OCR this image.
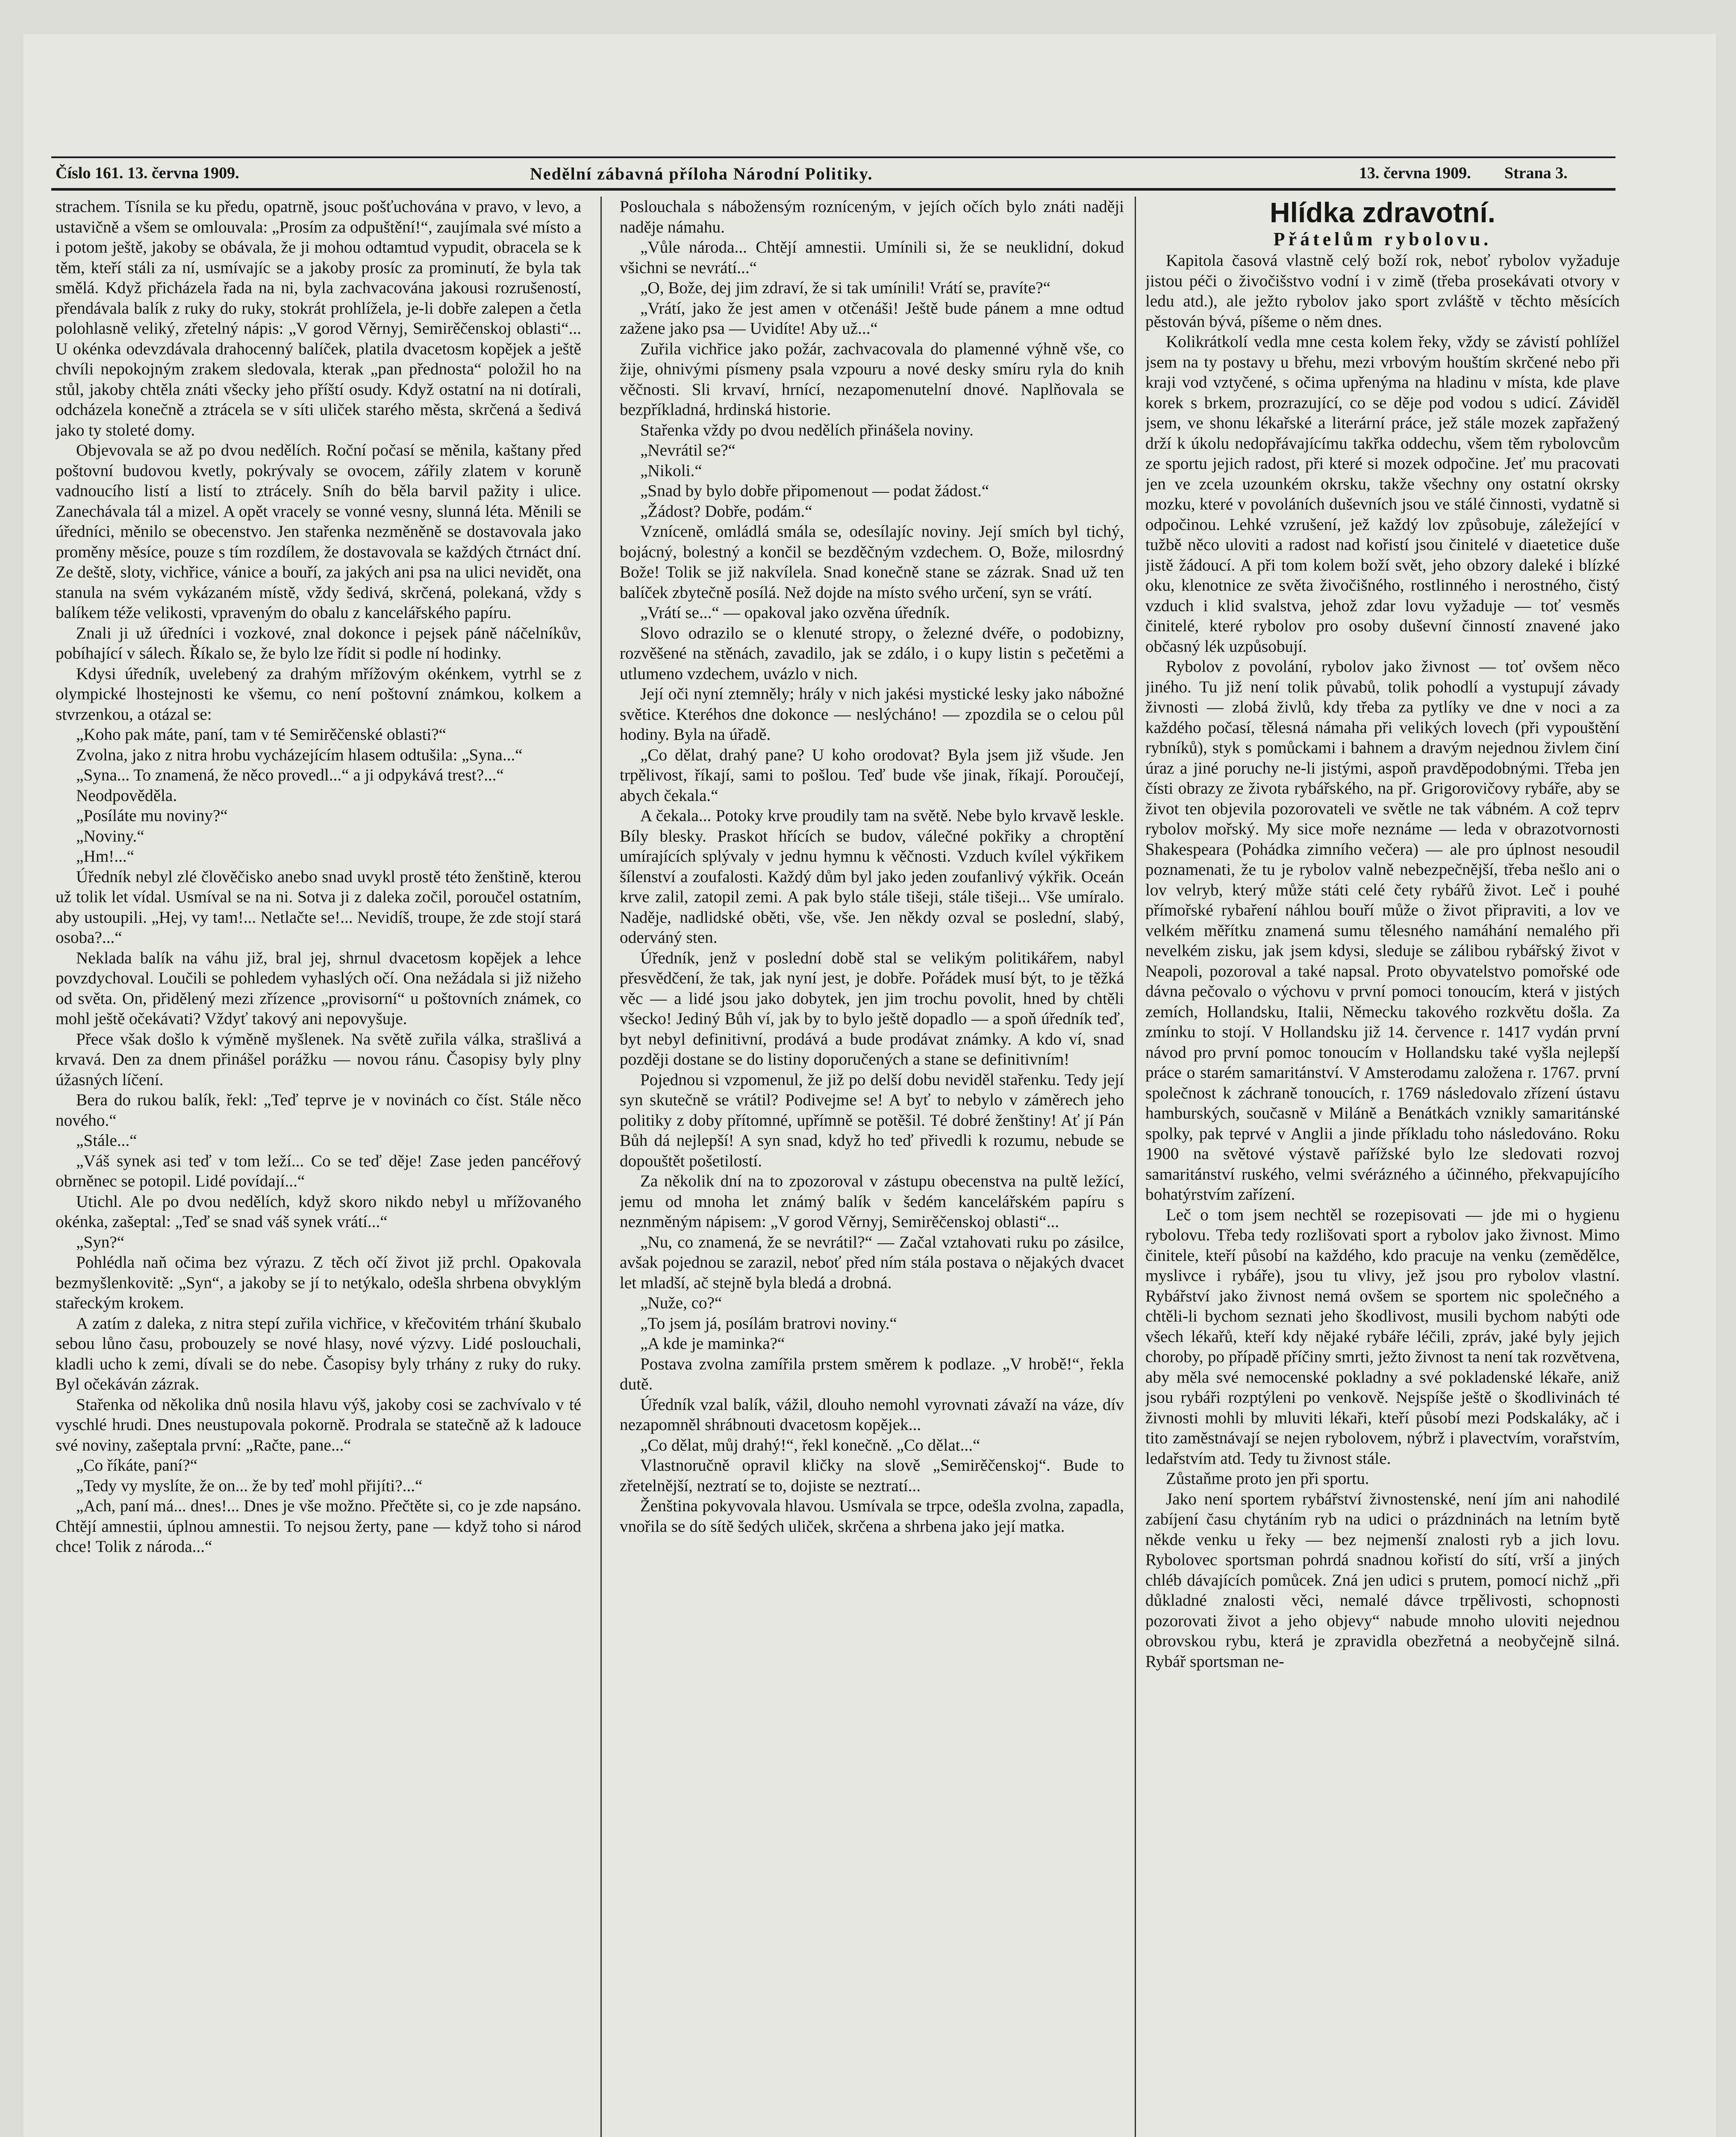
Číslo 161. 13. června 1909.	Nedělní zábavná příloha Národní Politiky.	13. června 1909. Strana 3.

strachem. Tísnila se ku předu, opatrně, jsouc pošťuchována v pravo, v levo, a ustavičně a všem se omlouvala: „Prosím za odpuštění!“, zaujímala své místo a i potom ještě, jakoby se obávala, že ji mohou odtamtud vypudit, obracela se k těm, kteří stáli za ní, usmívajíc se a jakoby prosíc za prominutí, že byla tak smělá. Když přicházela řada na ni, byla zachvacována jakousi rozrušeností, přendávala balík z ruky do ruky, stokrát prohlížela, je-li dobře zalepen a četla polohlasně veliký, zřetelný nápis: „V gorod Věrnyj, Semirěčenskoj oblasti“... U okénka odevzdávala drahocenný balíček, platila dvacetosm kopějek a ještě chvíli nepokojným zrakem sledovala, kterak „pan přednosta“ položil ho na stůl, jakoby chtěla znáti všecky jeho příští osudy. Když ostatní na ni dotírali, odcházela konečně a ztrácela se v síti uliček starého města, skrčená a šedivá jako ty stoleté domy.

Objevovala se až po dvou nedělích. Roční počasí se měnila, kaštany před poštovní budovou kvetly, pokrývaly se ovocem, zářily zlatem v koruně vadnoucího listí a listí to ztrácely. Sníh do běla barvil pažity i ulice. Zanechávala tál a mizel. A opět vracely se vonné vesny, slunná léta. Měnili se úředníci, měnilo se obecenstvo. Jen stařenka nezměněně se dostavovala jako proměny měsíce, pouze s tím rozdílem, že dostavovala se každých čtrnáct dní. Ze deště, sloty, vichřice, vánice a bouří, za jakých ani psa na ulici nevidět, ona stanula na svém vykázaném místě, vždy šedivá, skrčená, polekaná, vždy s balíkem téže velikosti, vpraveným do obalu z kancelářského papíru.

Znali ji už úředníci i vozkové, znal dokonce i pejsek páně náčelníkův, pobíhající v sálech. Říkalo se, že bylo lze řídit si podle ní hodinky.

Kdysi úředník, uvelebený za drahým mřížovým okénkem, vytrhl se z olympické lhostejnosti ke všemu, co není poštovní známkou, kolkem a stvrzenkou, a otázal se:

„Koho pak máte, paní, tam v té Semirěčenské oblasti?“

Zvolna, jako z nitra hrobu vycházejícím hlasem odtušila: „Syna...“

„Syna... To znamená, že něco provedl...“ a ji odpykává trest?...“

Neodpověděla.

„Posíláte mu noviny?“

„Noviny.“

„Hm!...“

Úředník nebyl zlé člověčisko anebo snad uvykl prostě této ženštině, kterou už tolik let vídal. Usmíval se na ni. Sotva ji z daleka zočil, poroučel ostatním, aby ustoupili. „Hej, vy tam!... Netlačte se!... Nevidíš, troupe, že zde stojí stará osoba?...“

Neklada balík na váhu již, bral jej, shrnul dvacetosm kopějek a lehce povzdychoval. Loučili se pohledem vyhaslých očí. Ona nežádala si již nižeho od světa. On, přidělený mezi zřízence „provisorní“ u poštovních známek, co mohl ještě očekávati? Vždyť takový ani nepovyšuje.

Přece však došlo k výměně myšlenek. Na světě zuřila válka, strašlivá a krvavá. Den za dnem přinášel porážku — novou ránu. Časopisy byly plny úžasných líčení.

Bera do rukou balík, řekl: „Teď teprve je v novinách co číst. Stále něco nového.“

„Stále...“

„Váš synek asi teď v tom leží... Co se teď děje! Zase jeden pancéřový obrněnec se potopil. Lidé povídají...“

Utichl. Ale po dvou nedělích, když skoro nikdo nebyl u mřížovaného okénka, zašeptal: „Teď se snad váš synek vrátí...“

„Syn?“

Pohlédla naň očima bez výrazu. Z těch očí život již prchl. Opakovala bezmyšlenkovitě: „Syn“, a jakoby se jí to netýkalo, odešla shrbena obvyklým stařeckým krokem.

A zatím z daleka, z nitra stepí zuřila vichřice, v křečovitém trhání škubalo sebou lůno času, probouzely se nové hlasy, nové výzvy. Lidé poslouchali, kladli ucho k zemi, dívali se do nebe. Časopisy byly trhány z ruky do ruky. Byl očekáván zázrak.

Stařenka od několika dnů nosila hlavu výš, jakoby cosi se zachvívalo v té vyschlé hrudi. Dnes neustupovala pokorně. Prodrala se statečně až k ladouce své noviny, zašeptala první: „Račte, pane...“

„Co říkáte, paní?“

„Tedy vy myslíte, že on... že by teď mohl přijíti?...“

„Ach, paní má... dnes!... Dnes je vše možno. Přečtěte si, co je zde napsáno. Chtějí amnestii, úplnou amnestii. To nejsou žerty, pane — když toho si národ chce! Tolik z národa...“

Poslouchala s nábožensým rozníceným, v jejích očích bylo znáti naději naděje námahu.

„Vůle národa... Chtějí amnestii. Umínili si, že se neuklidní, dokud všichni se nevrátí...“

„O, Bože, dej jim zdraví, že si tak umínili! Vrátí se, pravíte?“

„Vrátí, jako že jest amen v otčenáši! Ještě bude pánem a mne odtud zažene jako psa — Uvidíte! Aby už...“

Zuřila vichřice jako požár, zachvacovala do plamenné výhně vše, co žije, ohnivými písmeny psala vzpouru a nové desky smíru ryla do knih věčnosti. Sli krvaví, hrnící, nezapomenutelní dnové. Naplňovala se bezpříkladná, hrdinská historie.

Stařenka vždy po dvou nedělích přinášela noviny.

„Nevrátil se?“

„Nikoli.“

„Snad by bylo dobře připomenout — podat žádost.“

„Žádost? Dobře, podám.“

Vzníceně, omládlá smála se, odesílajíc noviny. Její smích byl tichý, bojácný, bolestný a končil se bezděčným vzdechem. O, Bože, milosrdný Bože! Tolik se již nakvílela. Snad konečně stane se zázrak. Snad už ten balíček zbytečně posílá. Než dojde na místo svého určení, syn se vrátí.

„Vrátí se...“ — opakoval jako ozvěna úředník.

Slovo odrazilo se o klenuté stropy, o železné dvéře, o podobizny, rozvěšené na stěnách, zavadilo, jak se zdálo, i o kupy listin s pečetěmi a utlumeno vzdechem, uvázlo v nich.

Její oči nyní ztemněly; hrály v nich jakési mystické lesky jako nábožné světice. Kteréhos dne dokonce — neslýcháno! — zpozdila se o celou půl hodiny. Byla na úřadě.

„Co dělat, drahý pane? U koho orodovat? Byla jsem již všude. Jen trpělivost, říkají, sami to pošlou. Teď bude vše jinak, říkají. Poroučejí, abych čekala.“

A čekala... Potoky krve proudily tam na světě. Nebe bylo krvavě leskle. Bíly blesky. Praskot hřících se budov, válečné pokřiky a chroptění umírajících splývaly v jednu hymnu k věčnosti. Vzduch kvílel výkřikem šílenství a zoufalosti. Každý dům byl jako jeden zoufanlivý výkřik. Oceán krve zalil, zatopil zemi. A pak bylo stále tišeji, stále tišeji... Vše umíralo. Naděje, nadlidské oběti, vše, vše. Jen někdy ozval se poslední, slabý, oderváný sten.

Úředník, jenž v poslední době stal se velikým politikářem, nabyl přesvědčení, že tak, jak nyní jest, je dobře. Pořádek musí být, to je těžká věc — a lidé jsou jako dobytek, jen jim trochu povolit, hned by chtěli všecko! Jediný Bůh ví, jak by to bylo ještě dopadlo — a spoň úředník teď, byt nebyl definitivní, prodává a bude prodávat známky. A kdo ví, snad později dostane se do listiny doporučených a stane se definitivním!

Pojednou si vzpomenul, že již po delší dobu neviděl stařenku. Tedy její syn skutečně se vrátil? Podivejme se! A byť to nebylo v záměrech jeho politiky z doby přítomné, upřímně se potěšil. Té dobré ženštiny! Ať jí Pán Bůh dá nejlepší! A syn snad, když ho teď přivedli k rozumu, nebude se dopouštět pošetilostí.

Za několik dní na to zpozoroval v zástupu obecenstva na pultě ležící, jemu od mnoha let známý balík v šedém kancelářském papíru s neznměným nápisem: „V gorod Věrnyj, Semirěčenskoj oblasti“...

„Nu, co znamená, že se nevrátil?“ — Začal vztahovati ruku po zásilce, avšak pojednou se zarazil, neboť před ním stála postava o nějakých dvacet let mladší, ač stejně byla bledá a drobná.

„Nuže, co?“

„To jsem já, posílám bratrovi noviny.“

„A kde je maminka?“

Postava zvolna zamířila prstem směrem k podlaze. „V hrobě!“, řekla dutě.

Úředník vzal balík, vážil, dlouho nemohl vyrovnati závaží na váze, dív nezapomněl shrábnouti dvacetosm kopějek...

„Co dělat, můj drahý!“, řekl konečně. „Co dělat...“

Vlastnoručně opravil kličky na slově „Semirěčenskoj“. Bude to zřetelnější, neztratí se to, dojiste se neztratí...

Ženština pokyvovala hlavou. Usmívala se trpce, odešla zvolna, zapadla, vnořila se do sítě šedých uliček, skrčena a shrbena jako její matka.

Hlídka zdravotní.

Přátelům rybolovu.

Kapitola časová vlastně celý boží rok, neboť rybolov vyžaduje jistou péči o živočišstvo vodní i v zimě (třeba prosekávati otvory v ledu atd.), ale ježto rybolov jako sport zvláště v těchto měsících pěstován bývá, píšeme o něm dnes.

Kolikrátkolí vedla mne cesta kolem řeky, vždy se závistí pohlížel jsem na ty postavy u břehu, mezi vrbovým houštím skrčené nebo při kraji vod vztyčené, s očima upřenýma na hladinu v místa, kde plave korek s brkem, prozrazující, co se děje pod vodou s udicí. Záviděl jsem, ve shonu lékařské a literární práce, jež stále mozek zapřažený drží k úkolu nedopřávajícímu takřka oddechu, všem těm rybolovcům ze sportu jejich radost, při které si mozek odpočine. Jeť mu pracovati jen ve zcela uzounkém okrsku, takže všechny ony ostatní okrsky mozku, které v povoláních duševních jsou ve stálé činnosti, vydatně si odpočinou. Lehké vzrušení, jež každý lov způsobuje, záležející v tužbě něco uloviti a radost nad kořistí jsou činitelé v diaetetice duše jistě žádoucí. A při tom kolem boží svět, jeho obzory daleké i blízké oku, klenotnice ze světa živočišného, rostlinného i nerostného, čistý vzduch i klid svalstva, jehož zdar lovu vyžaduje — toť vesměs činitelé, které rybolov pro osoby duševní činností znavené jako občasný lék uzpůsobují.

Rybolov z povolání, rybolov jako živnost — toť ovšem něco jiného. Tu již není tolik půvabů, tolik pohodlí a vystupují závady živnosti — zlobá živlů, kdy třeba za pytlíky ve dne v noci a za každého počasí, tělesná námaha při velikých lovech (při vypouštění rybníků), styk s pomůckami i bahnem a dravým nejednou živlem činí úraz a jiné poruchy ne-li jistými, aspoň pravděpodobnými. Třeba jen čísti obrazy ze života rybářského, na př. Grigorovičovy rybáře, aby se život ten objevila pozorovateli ve světle ne tak vábném. A což teprv rybolov mořský. My sice moře neznáme — leda v obrazotvornosti Shakespeara (Pohádka zimního večera) — ale pro úplnost nesoudil poznamenati, že tu je rybolov valně nebezpečnější, třeba nešlo ani o lov velryb, který může státi celé čety rybářů život. Leč i pouhé přímořské rybaření náhlou bouří může o život připraviti, a lov ve velkém měřítku znamená sumu tělesného namáhání nemalého při nevelkém zisku, jak jsem kdysi, sleduje se zálibou rybářský život v Neapoli, pozoroval a také napsal. Proto obyvatelstvo pomořské ode dávna pečovalo o výchovu v první pomoci tonoucím, která v jistých zemích, Hollandsku, Italii, Německu takového rozkvětu došla. Za zmínku to stojí. V Hollandsku již 14. července r. 1417 vydán první návod pro první pomoc tonoucím v Hollandsku také vyšla nejlepší práce o starém samaritánství. V Amsterodamu založena r. 1767. první společnost k záchraně tonoucích, r. 1769 následovalo zřízení ústavu hamburských, současně v Miláně a Benátkách vznikly samaritánské spolky, pak teprvé v Anglii a jinde příkladu toho následováno. Roku 1900 na světové výstavě pařížské bylo lze sledovati rozvoj samaritánství ruského, velmi svérázného a účinného, překvapujícího bohatýrstvím zařízení.

Leč o tom jsem nechtěl se rozepisovati — jde mi o hygienu rybolovu. Třeba tedy rozlišovati sport a rybolov jako živnost. Mimo činitele, kteří působí na každého, kdo pracuje na venku (zemědělce, myslivce i rybáře), jsou tu vlivy, jež jsou pro rybolov vlastní. Rybářství jako živnost nemá ovšem se sportem nic společného a chtěli-li bychom seznati jeho škodlivost, musili bychom nabýti ode všech lékařů, kteří kdy nějaké rybáře léčili, zpráv, jaké byly jejich choroby, po případě příčiny smrti, ježto živnost ta není tak rozvětvena, aby měla své nemocenské pokladny a své pokladenské lékaře, aniž jsou rybáři rozptýleni po venkově. Nejspíše ještě o škodlivinách té živnosti mohli by mluviti lékaři, kteří působí mezi Podskaláky, ač i tito zaměstnávají se nejen rybolovem, nýbrž i plavectvím, vorařstvím, ledařstvím atd. Tedy tu živnost stále.

Zůstaňme proto jen při sportu.

Jako není sportem rybářství živnostenské, není jím ani nahodilé zabíjení času chytáním ryb na udici o prázdninách na letním bytě někde venku u řeky — bez nejmenší znalosti ryb a jich lovu. Rybolovec sportsman pohrdá snadnou kořistí do sítí, vrší a jiných chléb dávajících pomůcek. Zná jen udici s prutem, pomocí nichž „při důkladné znalosti věci, nemalé dávce trpělivosti, schopnosti pozorovati život a jeho objevy“ nabude mnoho uloviti nejednou obrovskou rybu, která je zpravidla obezřetná a neobyčejně silná. Rybář sportsman ne-
